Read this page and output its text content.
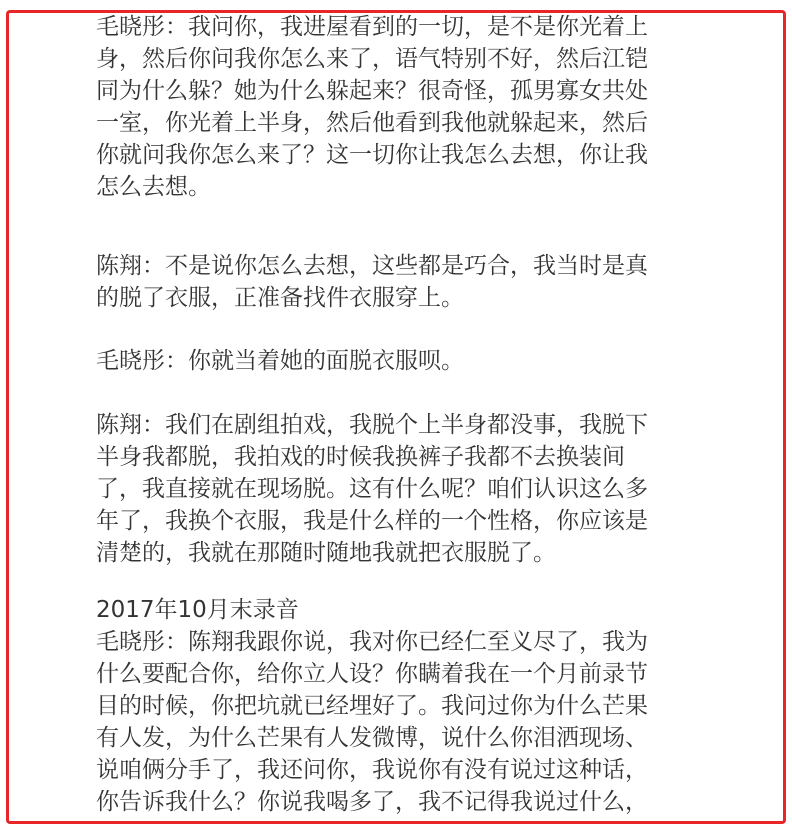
毛晓彤：我问你，我进屋看到的一切，是不是你光着上
身，然后你问我你怎么来了，语气特别不好，然后江铠
同为什么躲？她为什么躲起来？很奇怪，孤男寡女共处
一室，你光着上半身，然后他看到我他就躲起来，然后
你就问我你怎么来了？这一切你让我怎么去想，你让我
怎么去想。
陈翔：不是说你怎么去想，这些都是巧合，我当时是真
的脱了衣服，正准备找件衣服穿上。
毛晓彤：你就当着她的面脱衣服呗。
陈翔：我们在剧组拍戏，我脱个上半身都没事，我脱下
半身我都脱，我拍戏的时候我换裤子我都不去换装间
了，我直接就在现场脱。这有什么呢？咱们认识这么多
年了，我换个衣服，我是什么样的一个性格，你应该是
清楚的，我就在那随时随地我就把衣服脱了。
2017年10月末录音
毛晓彤：陈翔我跟你说，我对你已经仁至义尽了，我为
什么要配合你，给你立人设？你瞒着我在一个月前录节
目的时候，你把坑就已经埋好了。我问过你为什么芒果
有人发，为什么芒果有人发微博，说什么你泪洒现场、
说咱俩分手了，我还问你，我说你有没有说过这种话，
你告诉我什么？你说我喝多了，我不记得我说过什么，
